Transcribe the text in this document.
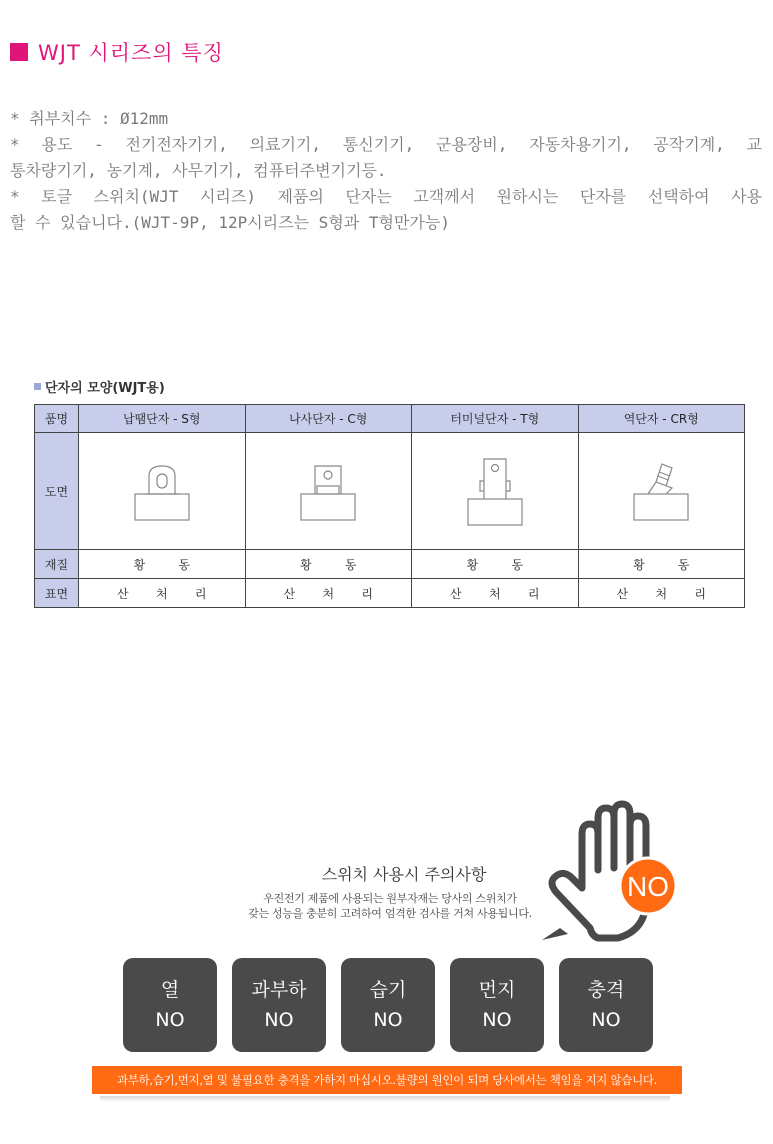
WJT 시리즈의 특징
* 취부치수 : Ø12mm
* 용도 - 전기전자기기, 의료기기, 통신기기, 군용장비, 자동차용기기, 공작기계, 교
통차량기기, 농기계, 사무기기, 컴퓨터주변기기등.
* 토글 스위치(WJT 시리즈) 제품의 단자는 고객께서 원하시는 단자를 선택하여 사용
할 수 있습니다.(WJT-9P, 12P시리즈는 S형과 T형만가능)
단자의 모양(WJT용)
품명	납땜단자 - S형	나사단자 - C형	터미널단자 - T형	역단자 - CR형
도면	

재질	황 동	황 동	황 동	황 동

표면	산 처 리	산 처 리	산 처 리	산 처 리
스위치 사용시 주의사항
우진전기 제품에 사용되는 원부자재는 당사의 스위치가
갖는 성능을 충분히 고려하여 엄격한 검사를 거쳐 사용됩니다.
NO
열
NO
과부하
NO
습기
NO
먼지
NO
충격
NO
과부하,습기,먼지,열 및 불필요한 충격을 가하지 마십시오.불량의 원인이 되며 당사에서는 책임을 지지 않습니다.
